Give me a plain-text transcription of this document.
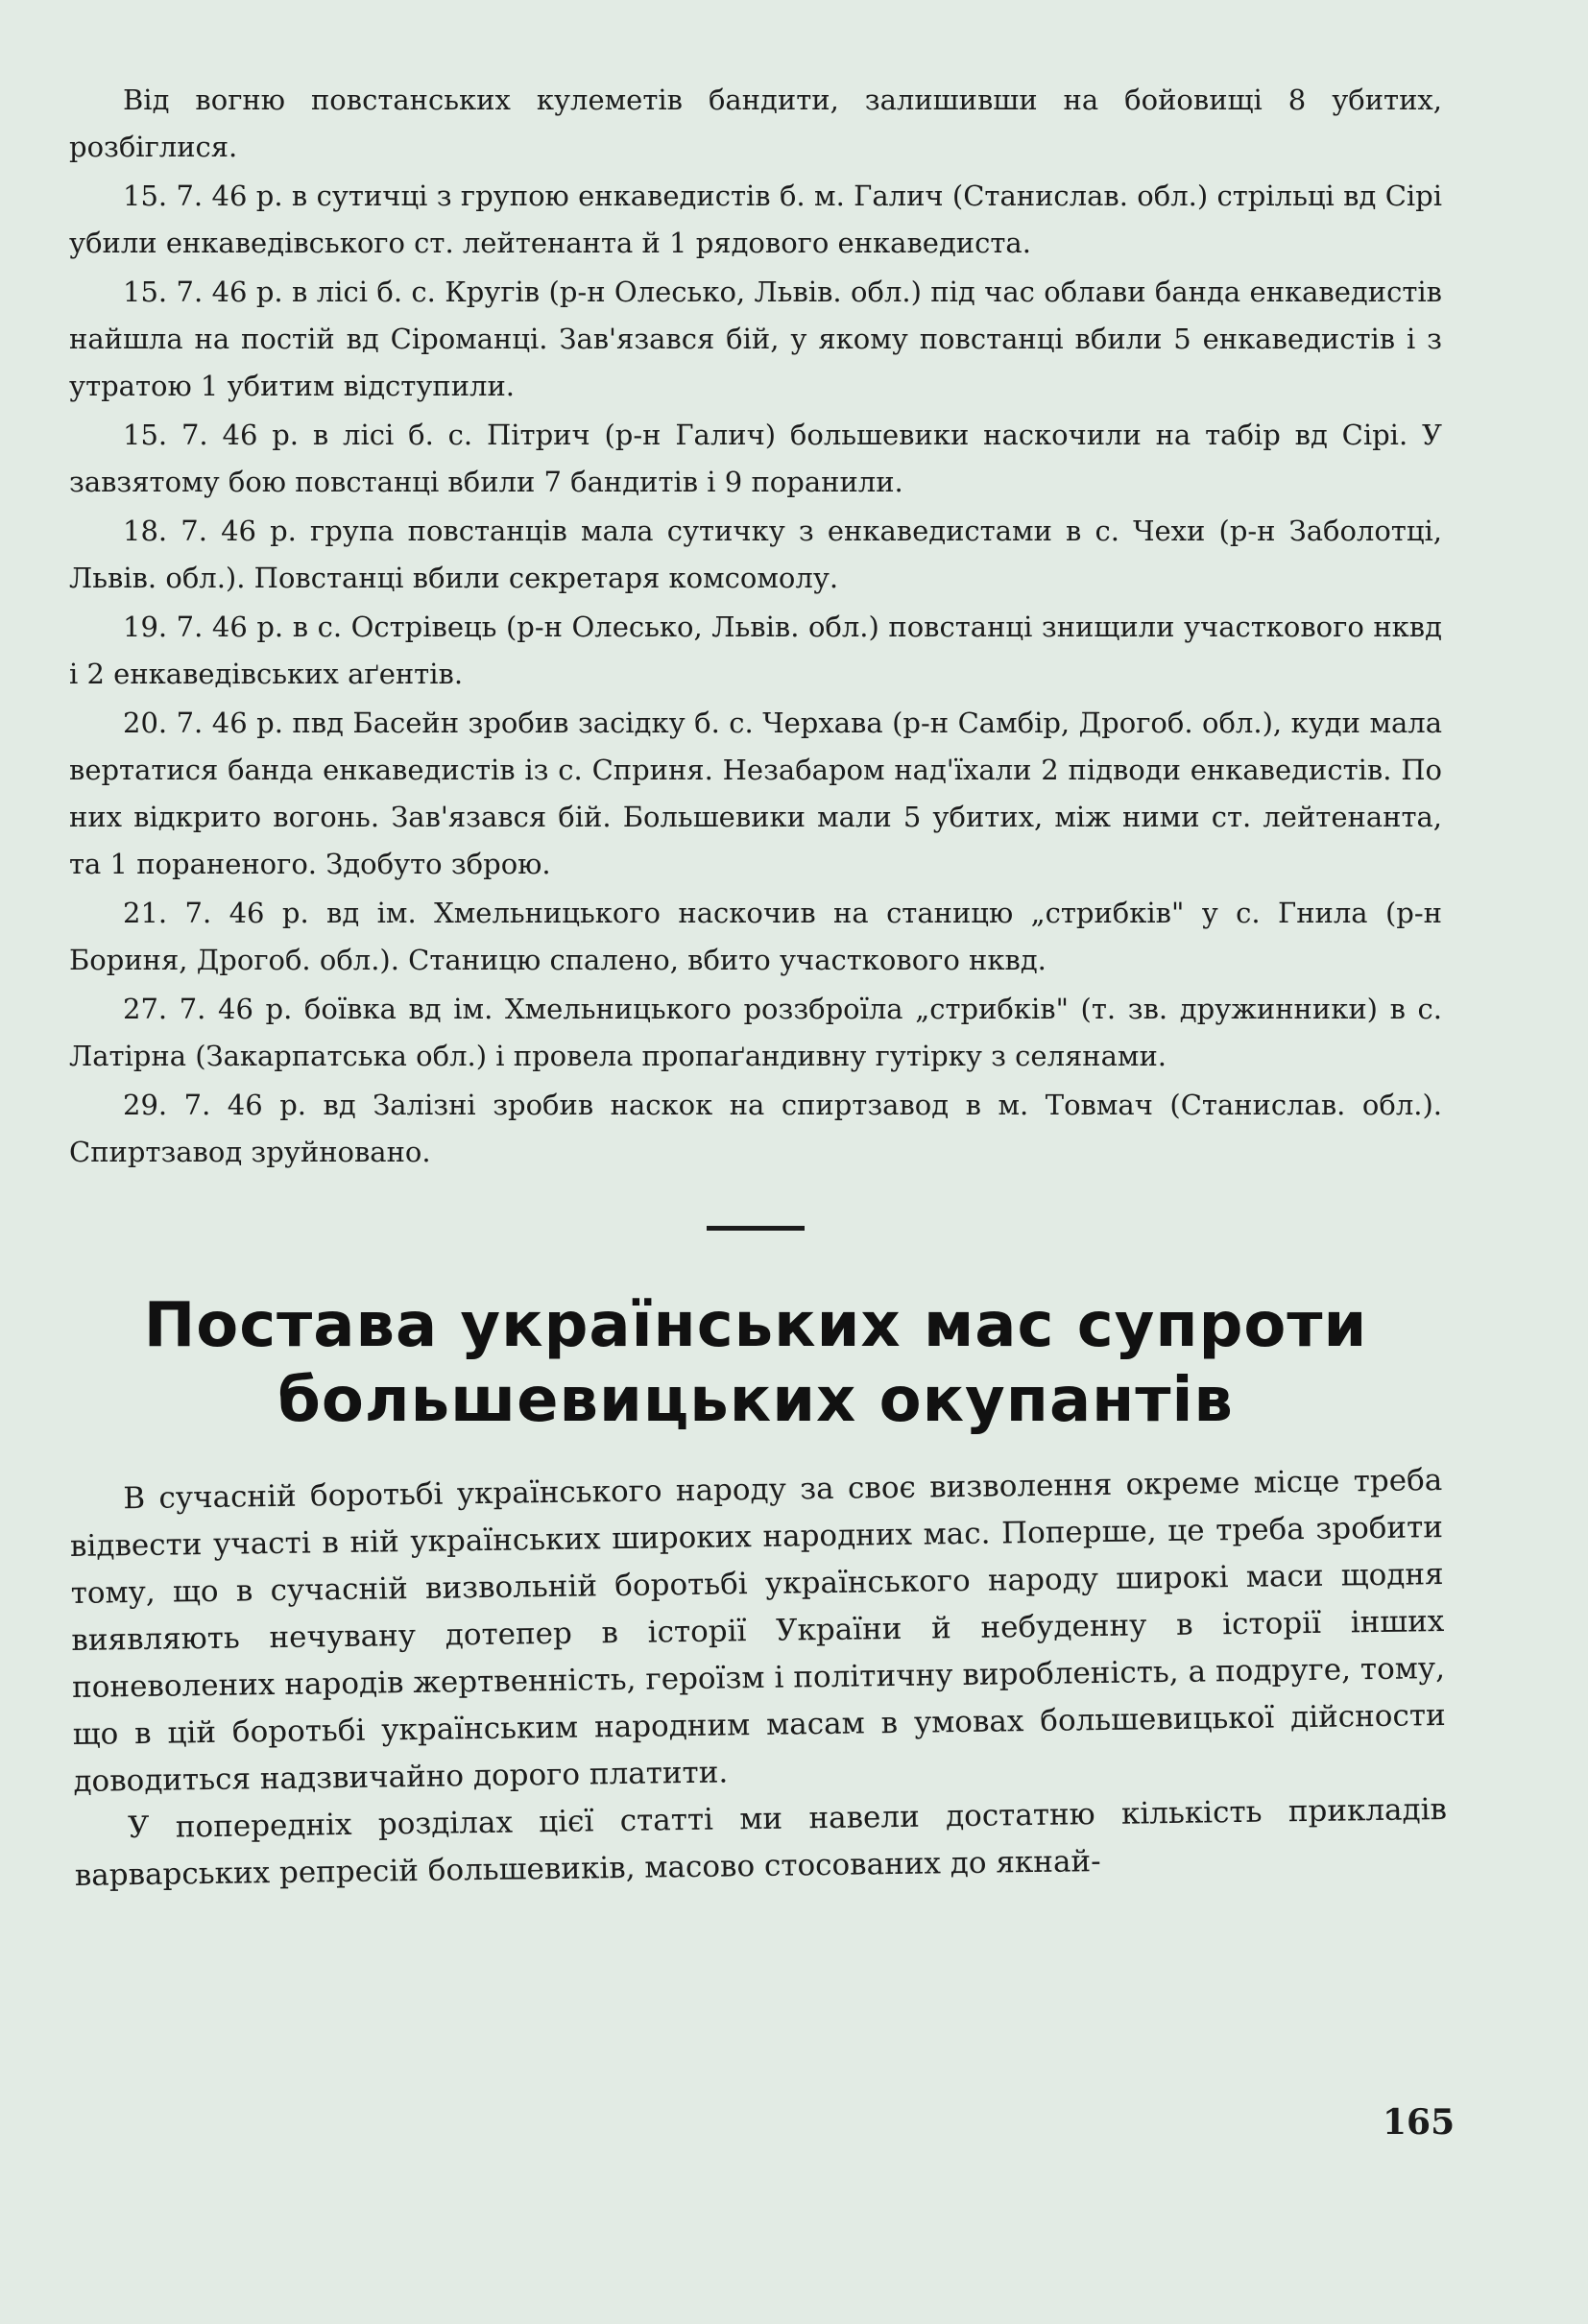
Від вогню повстанських кулеметів бандити, залишивши на бойовищі 8 убитих, розбіглися.

15. 7. 46 р. в сутичці з групою енкаведистів б. м. Галич (Станислав. обл.) стрільці вд Сірі убили енкаведівського ст. лейтенанта й 1 рядового енкаведиста.

15. 7. 46 р. в лісі б. с. Кругів (р-н Олесько, Львів. обл.) під час облави банда енкаведистів найшла на постій вд Сіроманці. Зав'язався бій, у якому повстанці вбили 5 енкаведистів і з утратою 1 убитим відступили.

15. 7. 46 р. в лісі б. с. Пітрич (р-н Галич) большевики наскочили на табір вд Сірі. У завзятому бою повстанці вбили 7 бандитів і 9 поранили.

18. 7. 46 р. група повстанців мала сутичку з енкаведистами в с. Чехи (р-н Заболотці, Львів. обл.). Повстанці вбили секретаря комсомолу.

19. 7. 46 р. в с. Острівець (р-н Олесько, Львів. обл.) повстанці знищили участкового нквд і 2 енкаведівських аґентів.

20. 7. 46 р. пвд Басейн зробив засідку б. с. Черхава (р-н Самбір, Дрогоб. обл.), куди мала вертатися банда енкаведистів із с. Сприня. Незабаром над'їхали 2 підводи енкаведистів. По них відкрито вогонь. Зав'язався бій. Большевики мали 5 убитих, між ними ст. лейтенанта, та 1 пораненого. Здобуто зброю.

21. 7. 46 р. вд ім. Хмельницького наскочив на станицю „стрибків" у с. Гнила (р-н Бориня, Дрогоб. обл.). Станицю спалено, вбито участкового нквд.

27. 7. 46 р. боївка вд ім. Хмельницького роззброїла „стрибків" (т. зв. дружинники) в с. Латірна (Закарпатська обл.) і провела пропаґандивну гутірку з селянами.

29. 7. 46 р. вд Залізні зробив наскок на спиртзавод в м. Товмач (Станислав. обл.). Спиртзавод зруйновано.

Постава українських мас супроти
большевицьких окупантів

В сучасній боротьбі українського народу за своє визволення окреме місце треба відвести участі в ній українських широких народних мас. Поперше, це треба зробити тому, що в сучасній визвольній боротьбі українського народу широкі маси щодня виявляють нечувану дотепер в історії України й небуденну в історії інших поневолених народів жертвенність, героїзм і політичну виробленість, а подруге, тому, що в цій боротьбі українським народним масам в умовах большевицької дійсности доводиться надзвичайно дорого платити.

У попередніх розділах цієї статті ми навели достатню кількість прикладів варварських репресій большевиків, масово стосованих до якнай-

165
